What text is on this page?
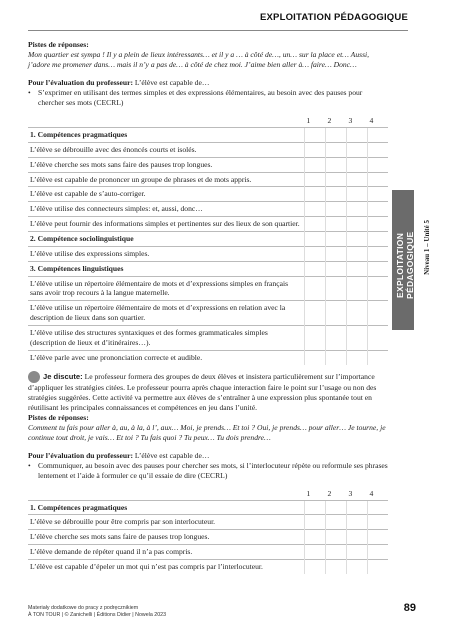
EXPLOITATION PÉDAGOGIQUE
EXPLOITATION PÉDAGOGIQUE Niveau 1 – Unité 5

Pistes de réponses:

Mon quartier est sympa ! Il y a plein de lieux intéressants… et il y a … à côté de…, un… sur la place et… Aussi, j’adore me promener dans… mais il n’y a pas de… à côté de chez moi. J’aime bien aller à… faire… Donc…

Pour l’évaluation du professeur: L’élève est capable de…

• S’exprimer en utilisant des termes simples et des expressions élémentaires, au besoin avec des pauses pour chercher ses mots (CECRL)
	1	2	3	4
1. Compétences pragmatiques				
L’élève se débrouille avec des énoncés courts et isolés.				
L’élève cherche ses mots sans faire des pauses trop longues.				
L’élève est capable de prononcer un groupe de phrases et de mots appris.				
L’élève est capable de s’auto-corriger.				
L’élève utilise des connecteurs simples: et, aussi, donc…				
L’élève peut fournir des informations simples et pertinentes sur des lieux de son quartier.				
2. Compétence sociolinguistique				
L’élève utilise des expressions simples.				
3. Compétences linguistiques				
L’élève utilise un répertoire élémentaire de mots et d’expressions simples en français sans avoir trop recours à la langue maternelle.				
L’élève utilise un répertoire élémentaire de mots et d’expressions en relation avec la description de lieux dans son quartier.				
L’élève utilise des structures syntaxiques et des formes grammaticales simples (description de lieux et d’itinéraires…).				
L’élève parle avec une prononciation correcte et audible.				

Je discute: Le professeur formera des groupes de deux élèves et insistera particulièrement sur l’importance d’appliquer les stratégies citées. Le professeur pourra après chaque interaction faire le point sur l’usage ou non des stratégies suggérées. Cette activité va permettre aux élèves de s’entraîner à une expression plus spontanée tout en réutilisant les principales connaissances et compétences en jeu dans l’unité.

Pistes de réponses:

Comment tu fais pour aller à, au, à la, à l’, aux… Moi, je prends… Et toi ? Oui, je prends… pour aller… Je tourne, je continue tout droit, je vais… Et toi ? Tu fais quoi ? Tu peux… Tu dois prendre…

Pour l’évaluation du professeur: L’élève est capable de…

• Communiquer, au besoin avec des pauses pour chercher ses mots, si l’interlocuteur répète ou reformule ses phrases lentement et l’aide à formuler ce qu’il essaie de dire (CECRL)
	1	2	3	4
1. Compétences pragmatiques				
L’élève se débrouille pour être compris par son interlocuteur.				
L’élève cherche ses mots sans faire de pauses trop longues.				
L’élève demande de répéter quand il n’a pas compris.				
L’élève est capable d’épeler un mot qui n’est pas compris par l’interlocuteur.				
Materiały dodatkowe do pracy z podręcznikiem
À TON TOUR | © Zanichelli | Éditions Didier | Nowela 2023
89
